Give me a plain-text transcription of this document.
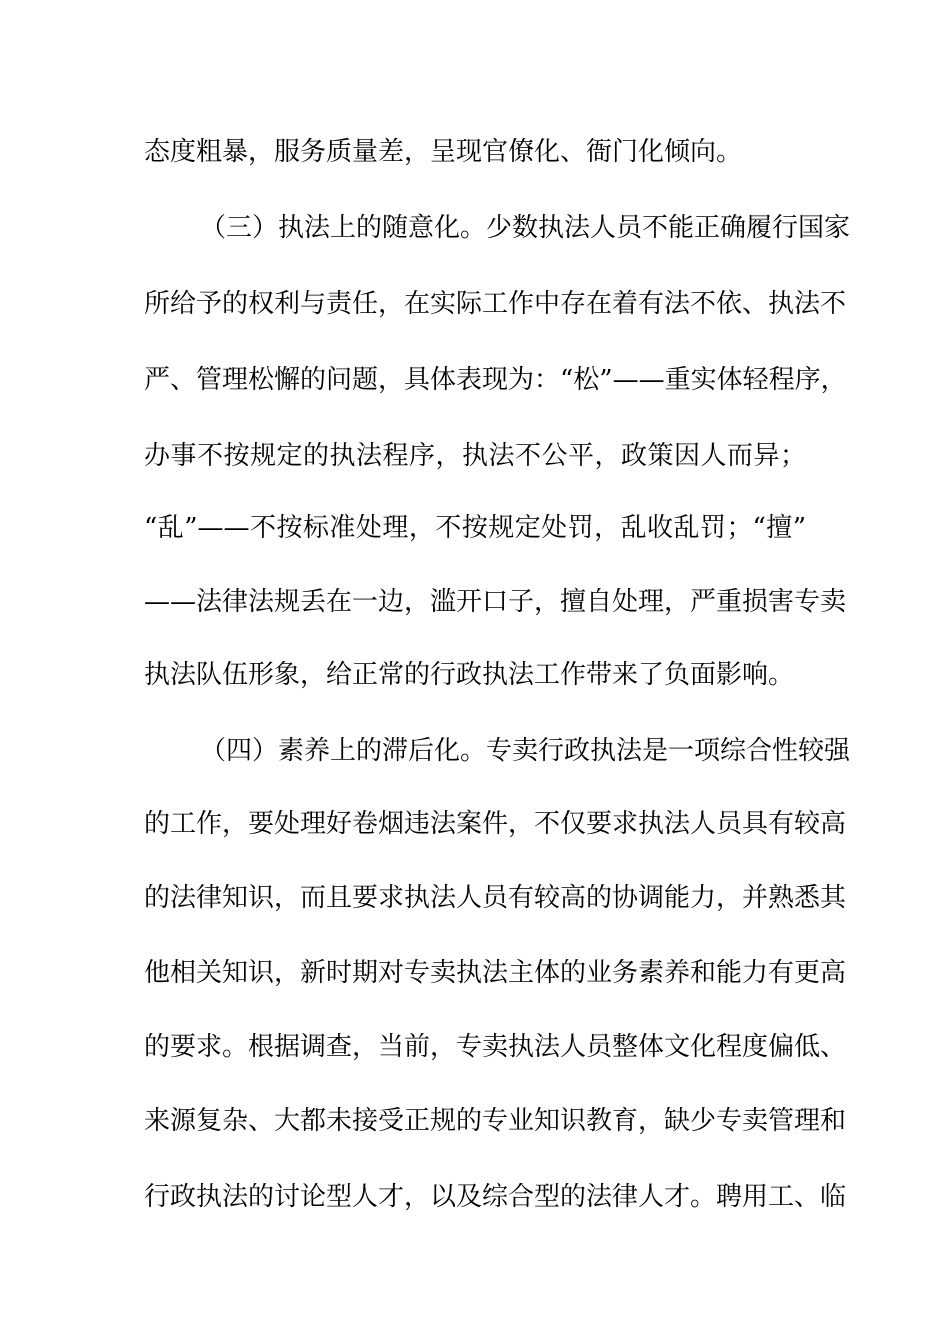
态度粗暴，服务质量差，呈现官僚化、衙门化倾向。
（三）执法上的随意化。少数执法人员不能正确履行国家
所给予的权利与责任，在实际工作中存在着有法不依、执法不
严、管理松懈的问题，具体表现为：“松”——重实体轻程序，
办事不按规定的执法程序，执法不公平，政策因人而异；
“乱”——不按标准处理，不按规定处罚，乱收乱罚；“擅”
——法律法规丢在一边，滥开口子，擅自处理，严重损害专卖
执法队伍形象，给正常的行政执法工作带来了负面影响。
（四）素养上的滞后化。专卖行政执法是一项综合性较强
的工作，要处理好卷烟违法案件，不仅要求执法人员具有较高
的法律知识，而且要求执法人员有较高的协调能力，并熟悉其
他相关知识，新时期对专卖执法主体的业务素养和能力有更高
的要求。根据调查，当前，专卖执法人员整体文化程度偏低、
来源复杂、大都未接受正规的专业知识教育，缺少专卖管理和
行政执法的讨论型人才，以及综合型的法律人才。聘用工、临
